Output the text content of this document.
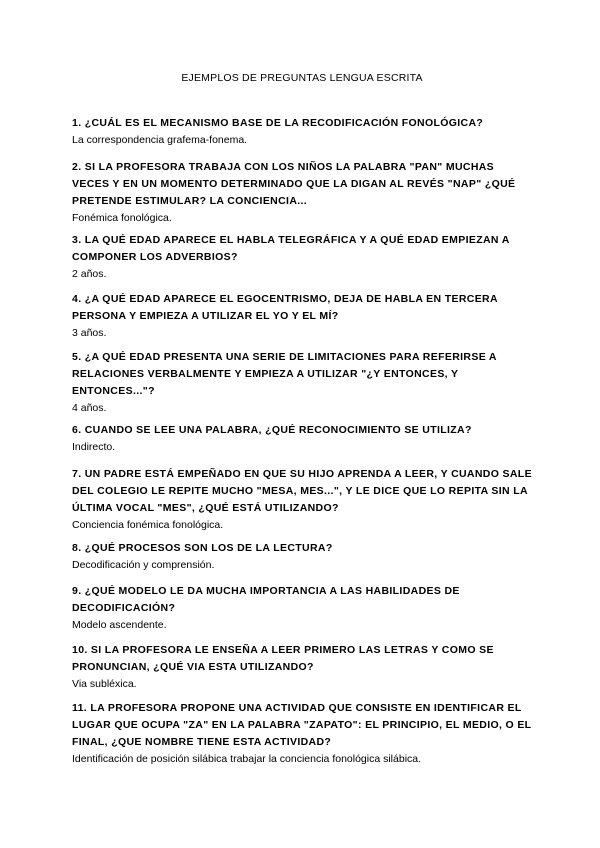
EJEMPLOS DE PREGUNTAS LENGUA ESCRITA

1. ¿CUÁL ES EL MECANISMO BASE DE LA RECODIFICACIÓN FONOLÓGICA?

La correspondencia grafema-fonema.

2. SI LA PROFESORA TRABAJA CON LOS NIÑOS LA PALABRA "PAN" MUCHAS VECES Y EN UN MOMENTO DETERMINADO QUE LA DIGAN AL REVÉS "NAP" ¿QUÉ PRETENDE ESTIMULAR? LA CONCIENCIA...

Fonémica fonológica.

3. LA QUÉ EDAD APARECE EL HABLA TELEGRÁFICA Y A QUÉ EDAD EMPIEZAN A COMPONER LOS ADVERBIOS?

2 años.

4. ¿A QUÉ EDAD APARECE EL EGOCENTRISMO, DEJA DE HABLA EN TERCERA PERSONA Y EMPIEZA A UTILIZAR EL YO Y EL MÍ?

3 años.

5. ¿A QUÉ EDAD PRESENTA UNA SERIE DE LIMITACIONES PARA REFERIRSE A RELACIONES VERBALMENTE Y EMPIEZA A UTILIZAR "¿Y ENTONCES, Y ENTONCES..."?

4 años.

6. CUANDO SE LEE UNA PALABRA, ¿QUÉ RECONOCIMIENTO SE UTILIZA?

Indirecto.

7. UN PADRE ESTÁ EMPEÑADO EN QUE SU HIJO APRENDA A LEER, Y CUANDO SALE DEL COLEGIO LE REPITE MUCHO "MESA, MES...", Y LE DICE QUE LO REPITA SIN LA ÚLTIMA VOCAL "MES", ¿QUÉ ESTÁ UTILIZANDO?

Conciencia fonémica fonológica.

8. ¿QUÉ PROCESOS SON LOS DE LA LECTURA?

Decodificación y comprensión.

9. ¿QUÉ MODELO LE DA MUCHA IMPORTANCIA A LAS HABILIDADES DE DECODIFICACIÓN?

Modelo ascendente.

10. SI LA PROFESORA LE ENSEÑA A LEER PRIMERO LAS LETRAS Y COMO SE PRONUNCIAN, ¿QUÉ VIA ESTA UTILIZANDO?

Via subléxica.

11. LA PROFESORA PROPONE UNA ACTIVIDAD QUE CONSISTE EN IDENTIFICAR EL LUGAR QUE OCUPA "ZA" EN LA PALABRA "ZAPATO": EL PRINCIPIO, EL MEDIO, O EL FINAL, ¿QUE NOMBRE TIENE ESTA ACTIVIDAD?

Identificación de posición silábica trabajar la conciencia fonológica silábica.
